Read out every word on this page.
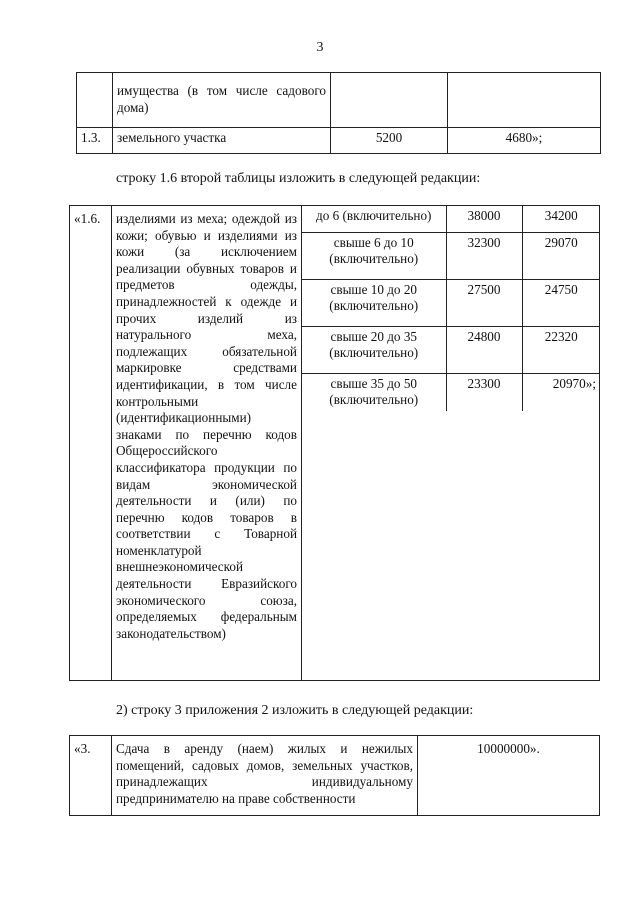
3
	имущества (в том числе садового дома)		
1.3.	земельного участка	5200	4680»;
строку 1.6 второй таблицы изложить в следующей редакции:
«1.6.	изделиями из меха; одеждой из кожи; обувью и изделиями из кожи (за исключением реализации обувных товаров и предметов одежды, принадлежностей к одежде и прочих изделий из натурального меха, подлежащих обязательной маркировке средствами идентификации, в том числе контрольными (идентификационными) знаками по перечню кодов Общероссийского классификатора продукции по видам экономической деятельности и (или) по перечню кодов товаров в соответствии с Товарной номенклатурой внешнеэкономической деятельности Евразийского экономического союза, определяемых федеральным законодательством)	
до 6 (включительно)	38000	34200
свыше 6 до 10 (включительно)	32300	29070
свыше 10 до 20 (включительно)	27500	24750
свыше 20 до 35 (включительно)	24800	22320
свыше 35 до 50 (включительно)	23300	20970»;
2) строку 3 приложения 2 изложить в следующей редакции:
«3.	Сдача в аренду (наем) жилых и нежилых помещений, садовых домов, земельных участков, принадлежащих индивидуальному предпринимателю на праве собственности	10000000».
